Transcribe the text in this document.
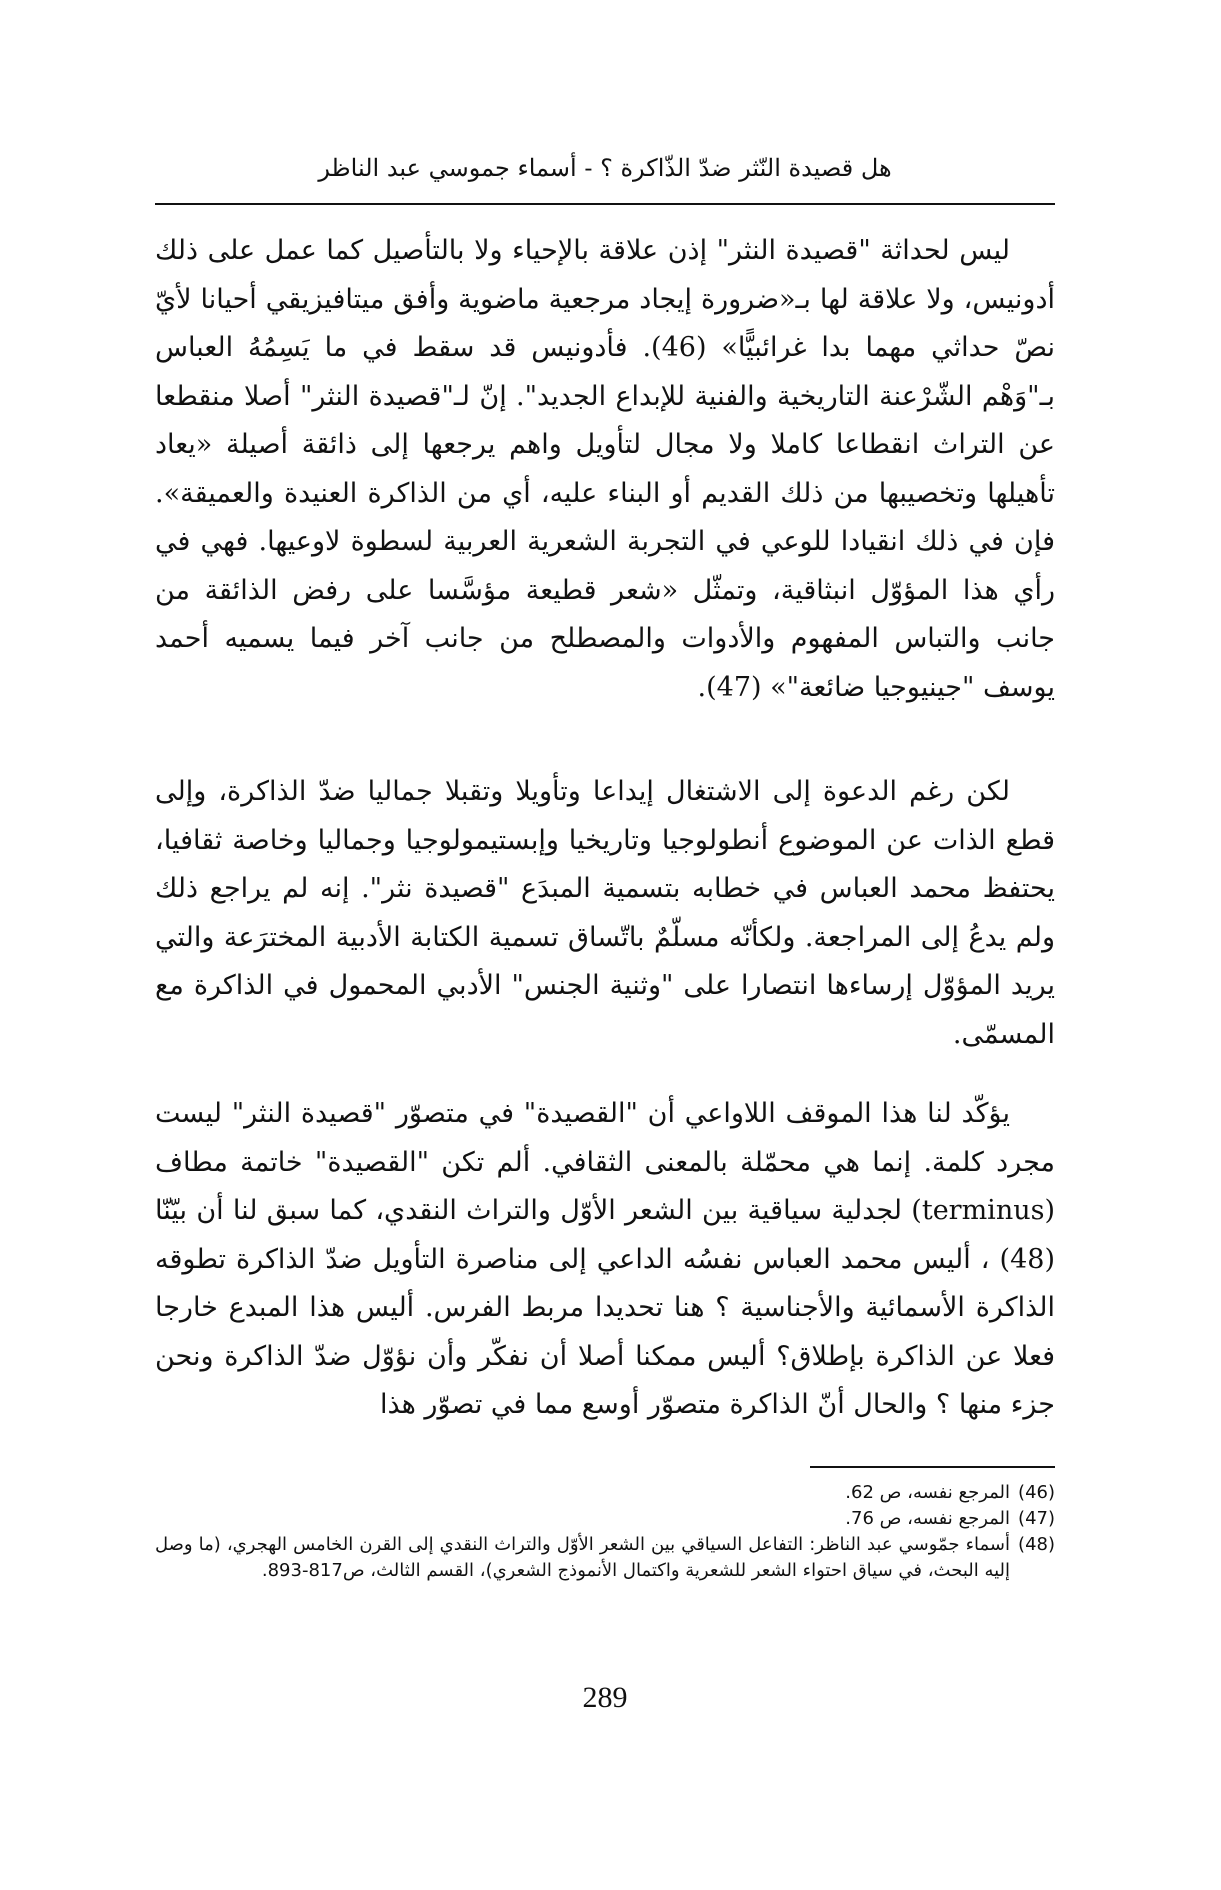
هل قصيدة النّثر ضدّ الذّاكرة ؟ - أسماء جموسي عبد الناظر

ليس لحداثة "قصيدة النثر" إذن علاقة بالإحياء ولا بالتأصيل كما عمل على ذلك أدونيس، ولا علاقة لها بـ«ضرورة إيجاد مرجعية ماضوية وأفق ميتافيزيقي أحيانا لأيّ نصّ حداثي مهما بدا غرائبيًّا» (46). فأدونيس قد سقط في ما يَسِمُهُ العباس بـ"وَهْم الشّرْعنة التاريخية والفنية للإبداع الجديد". إنّ لـ"قصيدة النثر" أصلا منقطعا عن التراث انقطاعا كاملا ولا مجال لتأويل واهم يرجعها إلى ذائقة أصيلة «يعاد تأهيلها وتخصيبها من ذلك القديم أو البناء عليه، أي من الذاكرة العنيدة والعميقة». فإن في ذلك انقيادا للوعي في التجربة الشعرية العربية لسطوة لاوعيها. فهي في رأي هذا المؤوّل انبثاقية، وتمثّل «شعر قطيعة مؤسَّسا على رفض الذائقة من جانب والتباس المفهوم والأدوات والمصطلح من جانب آخر فيما يسميه أحمد يوسف "جينيوجيا ضائعة"» (47).

لكن رغم الدعوة إلى الاشتغال إيداعا وتأويلا وتقبلا جماليا ضدّ الذاكرة، وإلى قطع الذات عن الموضوع أنطولوجيا وتاريخيا وإبستيمولوجيا وجماليا وخاصة ثقافيا، يحتفظ محمد العباس في خطابه بتسمية المبدَع "قصيدة نثر". إنه لم يراجع ذلك ولم يدعُ إلى المراجعة. ولكأنّه مسلّمٌ باتّساق تسمية الكتابة الأدبية المخترَعة والتي يريد المؤوّل إرساءها انتصارا على "وثنية الجنس" الأدبي المحمول في الذاكرة مع المسمّى.

يؤكّد لنا هذا الموقف اللاواعي أن "القصيدة" في متصوّر "قصيدة النثر" ليست مجرد كلمة. إنما هي محمّلة بالمعنى الثقافي. ألم تكن "القصيدة" خاتمة مطاف (terminus) لجدلية سياقية بين الشعر الأوّل والتراث النقدي، كما سبق لنا أن بيّنّا (48) ، أليس محمد العباس نفسُه الداعي إلى مناصرة التأويل ضدّ الذاكرة تطوقه الذاكرة الأسمائية والأجناسية ؟ هنا تحديدا مربط الفرس. أليس هذا المبدع خارجا فعلا عن الذاكرة بإطلاق؟ أليس ممكنا أصلا أن نفكّر وأن نؤوّل ضدّ الذاكرة ونحن جزء منها ؟ والحال أنّ الذاكرة متصوّر أوسع مما في تصوّر هذا

(46)
المرجع نفسه، ص 62.
(47)
المرجع نفسه، ص 76.
(48)
أسماء جمّوسي عبد الناظر: التفاعل السياقي بين الشعر الأوّل والتراث النقدي إلى القرن الخامس الهجري، (ما وصل إليه البحث، في سياق احتواء الشعر للشعرية واكتمال الأنموذج الشعري)، القسم الثالث، ص817-893.
289
